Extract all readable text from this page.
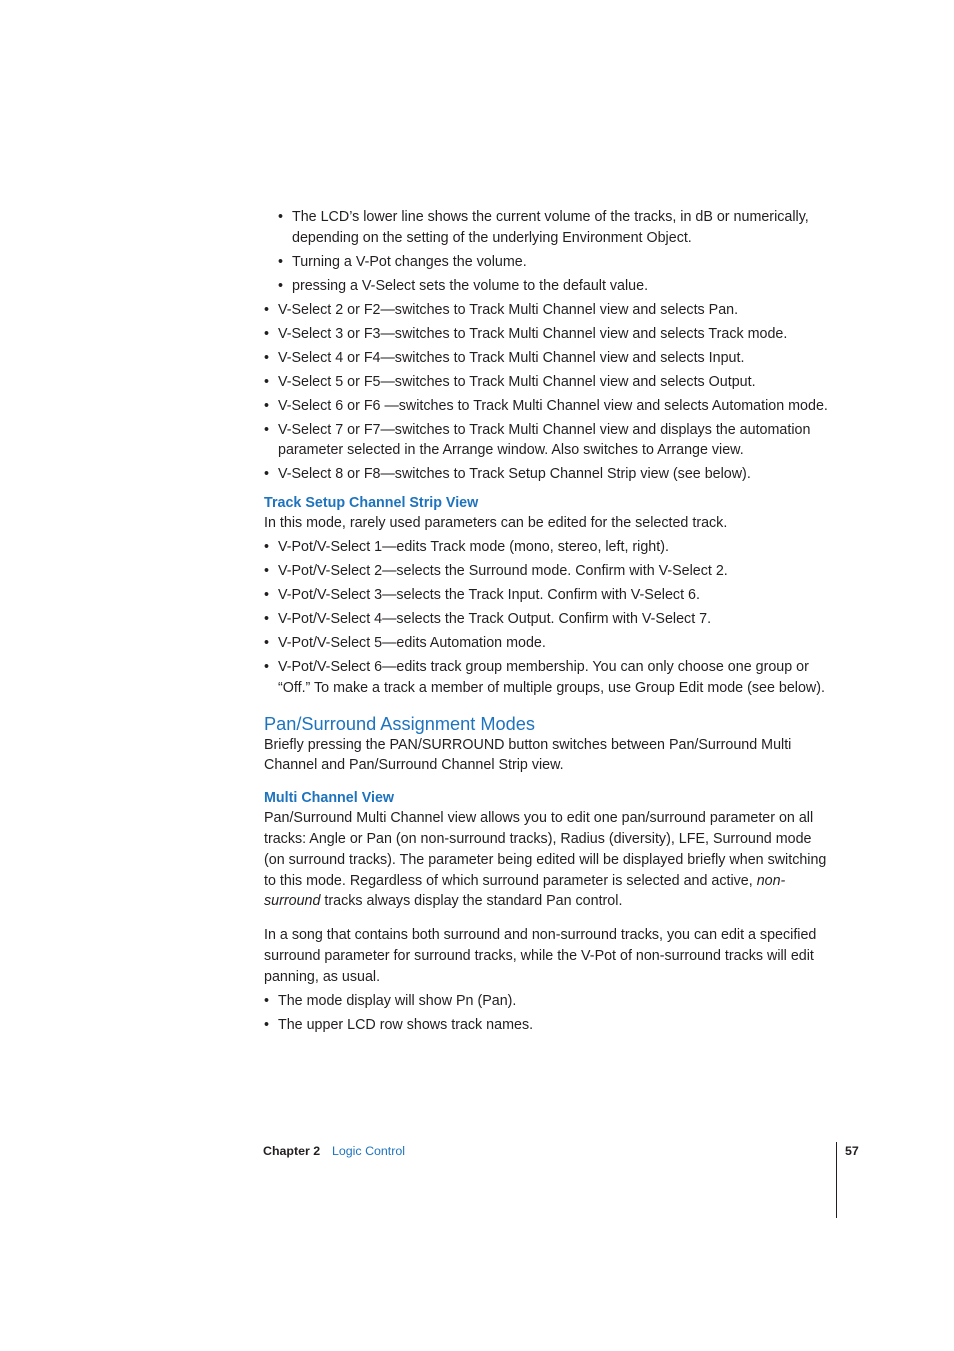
• The LCD’s lower line shows the current volume of the tracks, in dB or numerically, depending on the setting of the underlying Environment Object.
• Turning a V-Pot changes the volume.
• pressing a V-Select sets the volume to the default value.
• V-Select 2 or F2—switches to Track Multi Channel view and selects Pan.
• V-Select 3 or F3—switches to Track Multi Channel view and selects Track mode.
• V-Select 4 or F4—switches to Track Multi Channel view and selects Input.
• V-Select 5 or F5—switches to Track Multi Channel view and selects Output.
• V-Select 6 or F6 —switches to Track Multi Channel view and selects Automation mode.
• V-Select 7 or F7—switches to Track Multi Channel view and displays the automation parameter selected in the Arrange window. Also switches to Arrange view.
• V-Select 8 or F8—switches to Track Setup Channel Strip view (see below).
Track Setup Channel Strip View

In this mode, rarely used parameters can be edited for the selected track.

• V-Pot/V-Select 1—edits Track mode (mono, stereo, left, right).
• V-Pot/V-Select 2—selects the Surround mode. Confirm with V-Select 2.
• V-Pot/V-Select 3—selects the Track Input. Confirm with V-Select 6.
• V-Pot/V-Select 4—selects the Track Output. Confirm with V-Select 7.
• V-Pot/V-Select 5—edits Automation mode.
• V-Pot/V-Select 6—edits track group membership. You can only choose one group or “Off.” To make a track a member of multiple groups, use Group Edit mode (see below).
Pan/Surround Assignment Modes

Briefly pressing the PAN/SURROUND button switches between Pan/Surround Multi Channel and Pan/Surround Channel Strip view.

Multi Channel View

Pan/Surround Multi Channel view allows you to edit one pan/surround parameter on all tracks: Angle or Pan (on non-surround tracks), Radius (diversity), LFE, Surround mode (on surround tracks). The parameter being edited will be displayed briefly when switching to this mode. Regardless of which surround parameter is selected and active, non-surround tracks always display the standard Pan control.

In a song that contains both surround and non-surround tracks, you can edit a specified surround parameter for surround tracks, while the V-Pot of non-surround tracks will edit panning, as usual.

• The mode display will show Pn (Pan).
• The upper LCD row shows track names.
Chapter 2 Logic Control	57
